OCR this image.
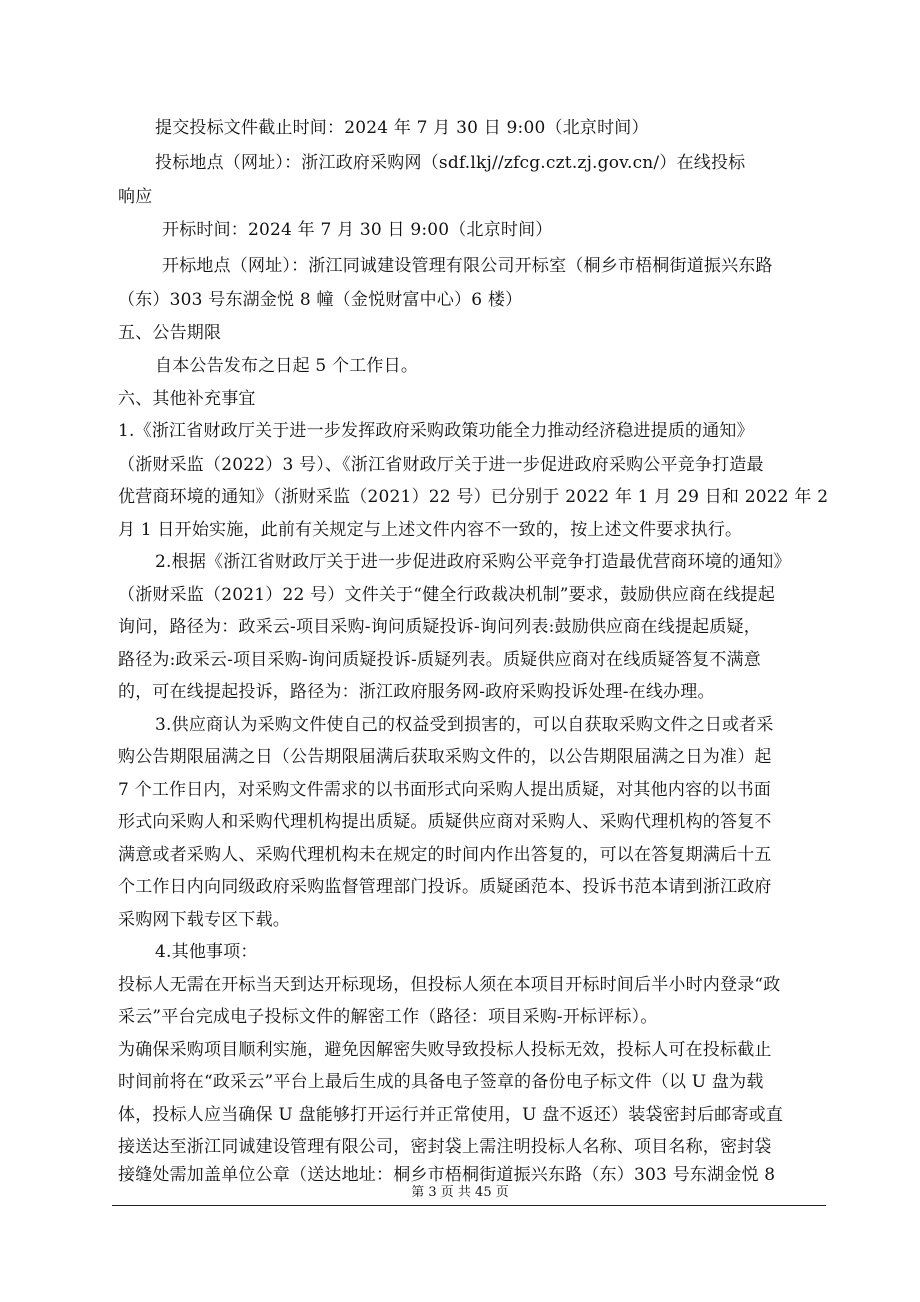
提交投标文件截止时间：2024 年 7 月 30 日 9:00（北京时间）
投标地点（网址）：浙江政府采购网（sdf.lkj//zfcg.czt.zj.gov.cn/）在线投标
响应
开标时间：2024 年 7 月 30 日 9:00（北京时间）
开标地点（网址）：浙江同诚建设管理有限公司开标室（桐乡市梧桐街道振兴东路
（东）303 号东湖金悦 8 幢（金悦财富中心）6 楼）
五、公告期限
自本公告发布之日起 5 个工作日。
六、其他补充事宜
1.《浙江省财政厅关于进一步发挥政府采购政策功能全力推动经济稳进提质的通知》
（浙财采监（2022）3 号）、《浙江省财政厅关于进一步促进政府采购公平竞争打造最
优营商环境的通知》（浙财采监（2021）22 号）已分别于 2022 年 1 月 29 日和 2022 年 2
月 1 日开始实施，此前有关规定与上述文件内容不一致的，按上述文件要求执行。
2.根据《浙江省财政厅关于进一步促进政府采购公平竞争打造最优营商环境的通知》
（浙财采监（2021）22 号）文件关于“健全行政裁决机制”要求，鼓励供应商在线提起
询问，路径为：政采云-项目采购-询问质疑投诉-询问列表:鼓励供应商在线提起质疑，
路径为:政采云-项目采购-询问质疑投诉-质疑列表。质疑供应商对在线质疑答复不满意
的，可在线提起投诉，路径为：浙江政府服务网-政府采购投诉处理-在线办理。
3.供应商认为采购文件使自己的权益受到损害的，可以自获取采购文件之日或者采
购公告期限届满之日（公告期限届满后获取采购文件的，以公告期限届满之日为准）起
7 个工作日内，对采购文件需求的以书面形式向采购人提出质疑，对其他内容的以书面
形式向采购人和采购代理机构提出质疑。质疑供应商对采购人、采购代理机构的答复不
满意或者采购人、采购代理机构未在规定的时间内作出答复的，可以在答复期满后十五
个工作日内向同级政府采购监督管理部门投诉。质疑函范本、投诉书范本请到浙江政府
采购网下载专区下载。
4.其他事项：
投标人无需在开标当天到达开标现场，但投标人须在本项目开标时间后半小时内登录“政
采云”平台完成电子投标文件的解密工作（路径：项目采购-开标评标）。
为确保采购项目顺利实施，避免因解密失败导致投标人投标无效，投标人可在投标截止
时间前将在“政采云”平台上最后生成的具备电子签章的备份电子标文件（以 U 盘为载
体，投标人应当确保 U 盘能够打开运行并正常使用，U 盘不返还）装袋密封后邮寄或直
接送达至浙江同诚建设管理有限公司，密封袋上需注明投标人名称、项目名称，密封袋
接缝处需加盖单位公章（送达地址：桐乡市梧桐街道振兴东路（东）303 号东湖金悦 8
第 3 页 共 45 页
